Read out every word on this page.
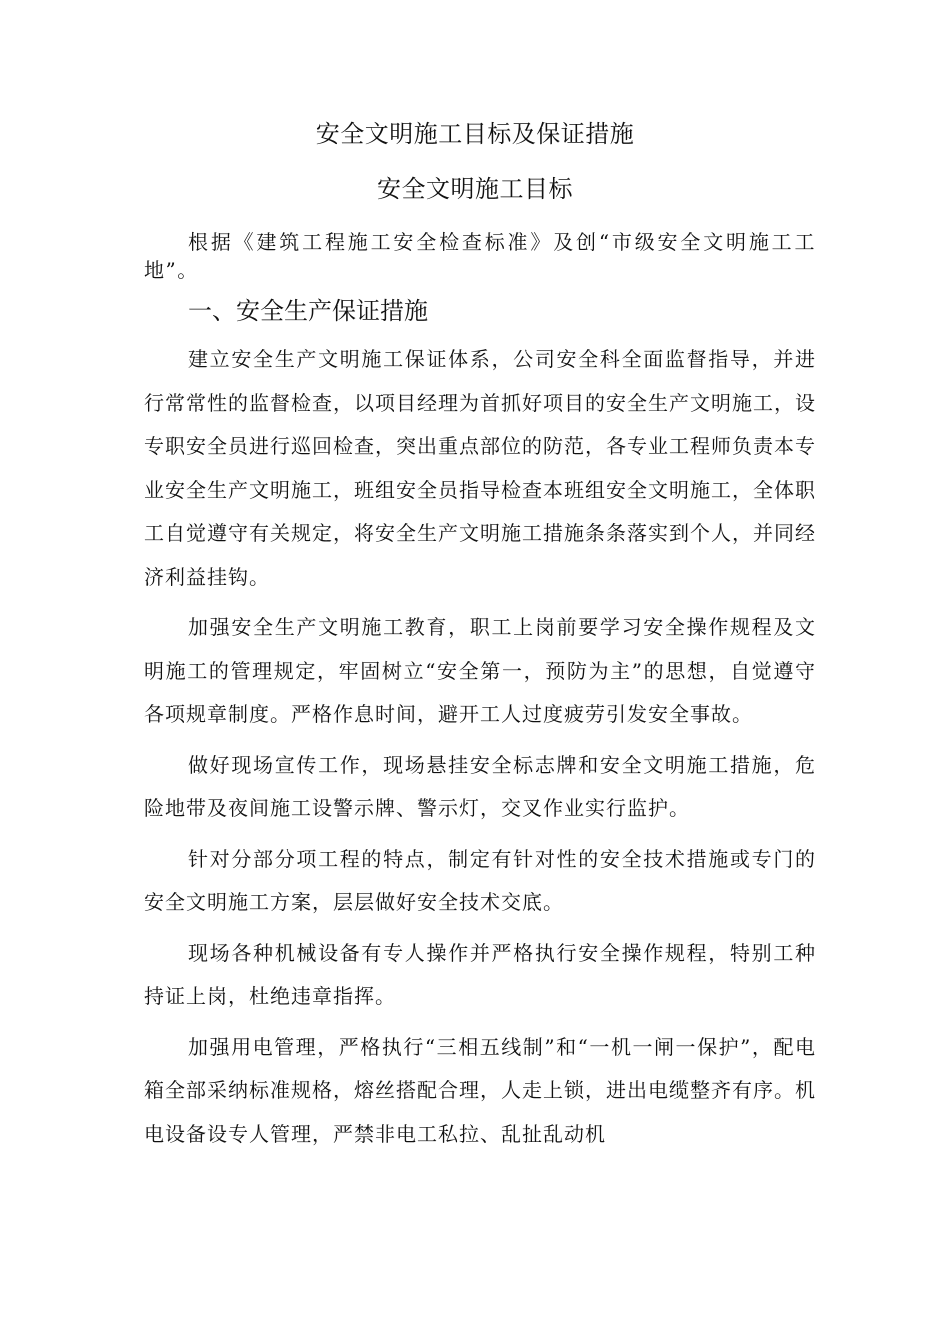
安全文明施工目标及保证措施
安全文明施工目标

根据《建筑工程施工安全检查标准》及创“市级安全文明施工工地”。

一、安全生产保证措施

建立安全生产文明施工保证体系，公司安全科全面监督指导，并进行常常性的监督检查，以项目经理为首抓好项目的安全生产文明施工，设专职安全员进行巡回检查，突出重点部位的防范，各专业工程师负责本专业安全生产文明施工，班组安全员指导检查本班组安全文明施工，全体职工自觉遵守有关规定，将安全生产文明施工措施条条落实到个人，并同经济利益挂钩。

加强安全生产文明施工教育，职工上岗前要学习安全操作规程及文明施工的管理规定，牢固树立“安全第一，预防为主”的思想，自觉遵守各项规章制度。严格作息时间，避开工人过度疲劳引发安全事故。

做好现场宣传工作，现场悬挂安全标志牌和安全文明施工措施，危险地带及夜间施工设警示牌、警示灯，交叉作业实行监护。

针对分部分项工程的特点，制定有针对性的安全技术措施或专门的安全文明施工方案，层层做好安全技术交底。

现场各种机械设备有专人操作并严格执行安全操作规程，特别工种持证上岗，杜绝违章指挥。

加强用电管理，严格执行“三相五线制”和“一机一闸一保护”，配电箱全部采纳标准规格，熔丝搭配合理，人走上锁，进出电缆整齐有序。机电设备设专人管理，严禁非电工私拉、乱扯乱动机
